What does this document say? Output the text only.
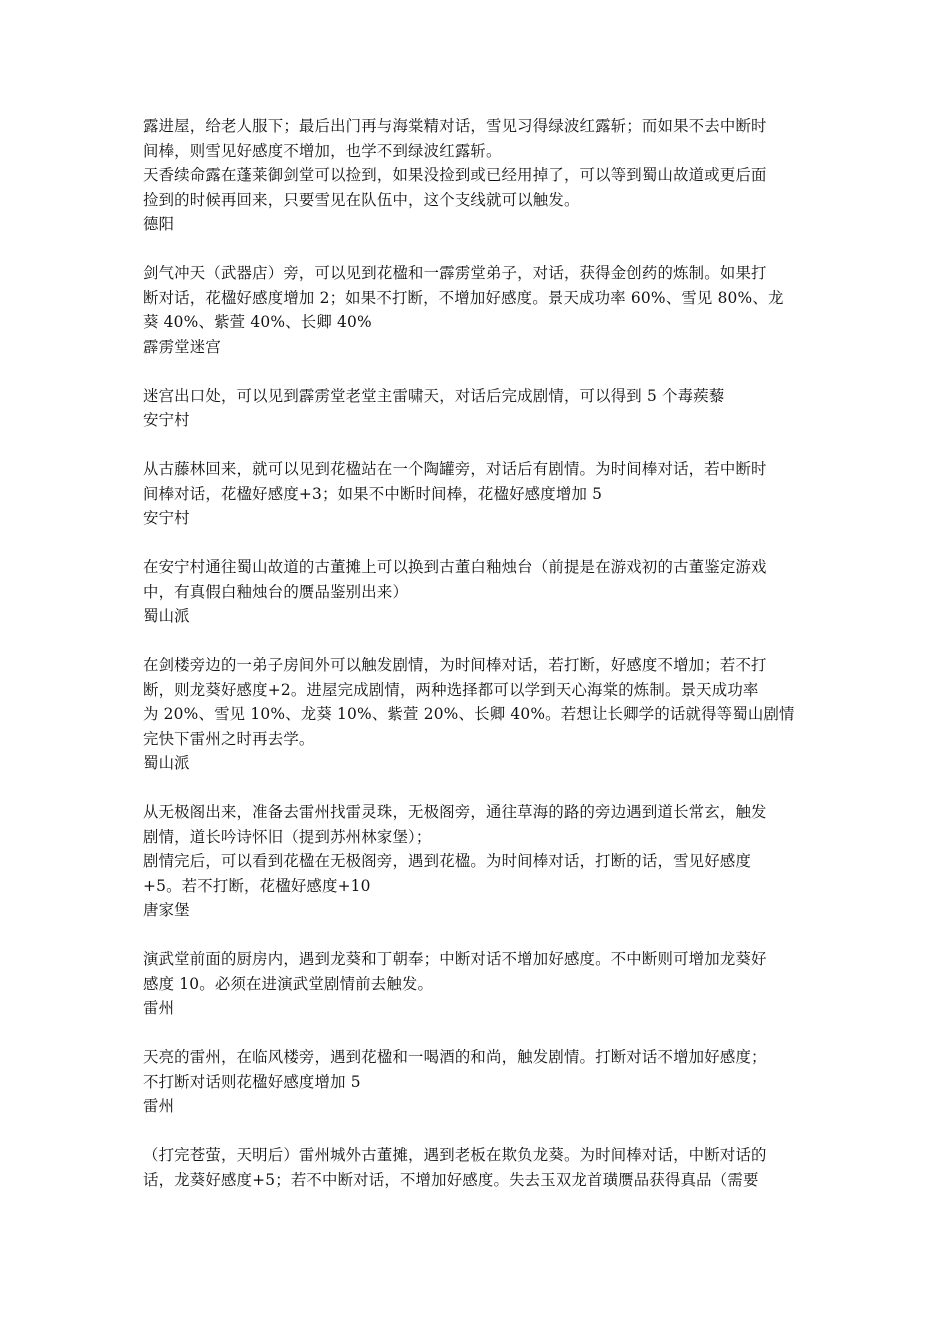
露进屋，给老人服下；最后出门再与海棠精对话，雪见习得绿波红露斩；而如果不去中断时
间棒，则雪见好感度不增加，也学不到绿波红露斩。
天香续命露在蓬莱御剑堂可以捡到，如果没捡到或已经用掉了，可以等到蜀山故道或更后面
捡到的时候再回来，只要雪见在队伍中，这个支线就可以触发。
德阳
剑气冲天（武器店）旁，可以见到花楹和一霹雳堂弟子，对话，获得金创药的炼制。如果打
断对话，花楹好感度增加 2；如果不打断，不增加好感度。景天成功率 60%、雪见 80%、龙
葵 40%、紫萱 40%、长卿 40%
霹雳堂迷宫
迷宫出口处，可以见到霹雳堂老堂主雷啸天，对话后完成剧情，可以得到 5 个毒蒺藜
安宁村
从古藤林回来，就可以见到花楹站在一个陶罐旁，对话后有剧情。为时间棒对话，若中断时
间棒对话，花楹好感度+3；如果不中断时间棒，花楹好感度增加 5
安宁村
在安宁村通往蜀山故道的古董摊上可以换到古董白釉烛台（前提是在游戏初的古董鉴定游戏
中，有真假白釉烛台的赝品鉴别出来）
蜀山派
在剑楼旁边的一弟子房间外可以触发剧情，为时间棒对话，若打断，好感度不增加；若不打
断，则龙葵好感度+2。进屋完成剧情，两种选择都可以学到天心海棠的炼制。景天成功率
为 20%、雪见 10%、龙葵 10%、紫萱 20%、长卿 40%。若想让长卿学的话就得等蜀山剧情
完快下雷州之时再去学。
蜀山派
从无极阁出来，准备去雷州找雷灵珠，无极阁旁，通往草海的路的旁边遇到道长常玄，触发
剧情，道长吟诗怀旧（提到苏州林家堡）；
剧情完后，可以看到花楹在无极阁旁，遇到花楹。为时间棒对话，打断的话，雪见好感度
+5。若不打断，花楹好感度+10
唐家堡
演武堂前面的厨房内，遇到龙葵和丁朝奉；中断对话不增加好感度。不中断则可增加龙葵好
感度 10。必须在进演武堂剧情前去触发。
雷州
天亮的雷州，在临风楼旁，遇到花楹和一喝酒的和尚，触发剧情。打断对话不增加好感度；
不打断对话则花楹好感度增加 5
雷州
（打完苍萤，天明后）雷州城外古董摊，遇到老板在欺负龙葵。为时间棒对话，中断对话的
话，龙葵好感度+5；若不中断对话，不增加好感度。失去玉双龙首璜赝品获得真品（需要
